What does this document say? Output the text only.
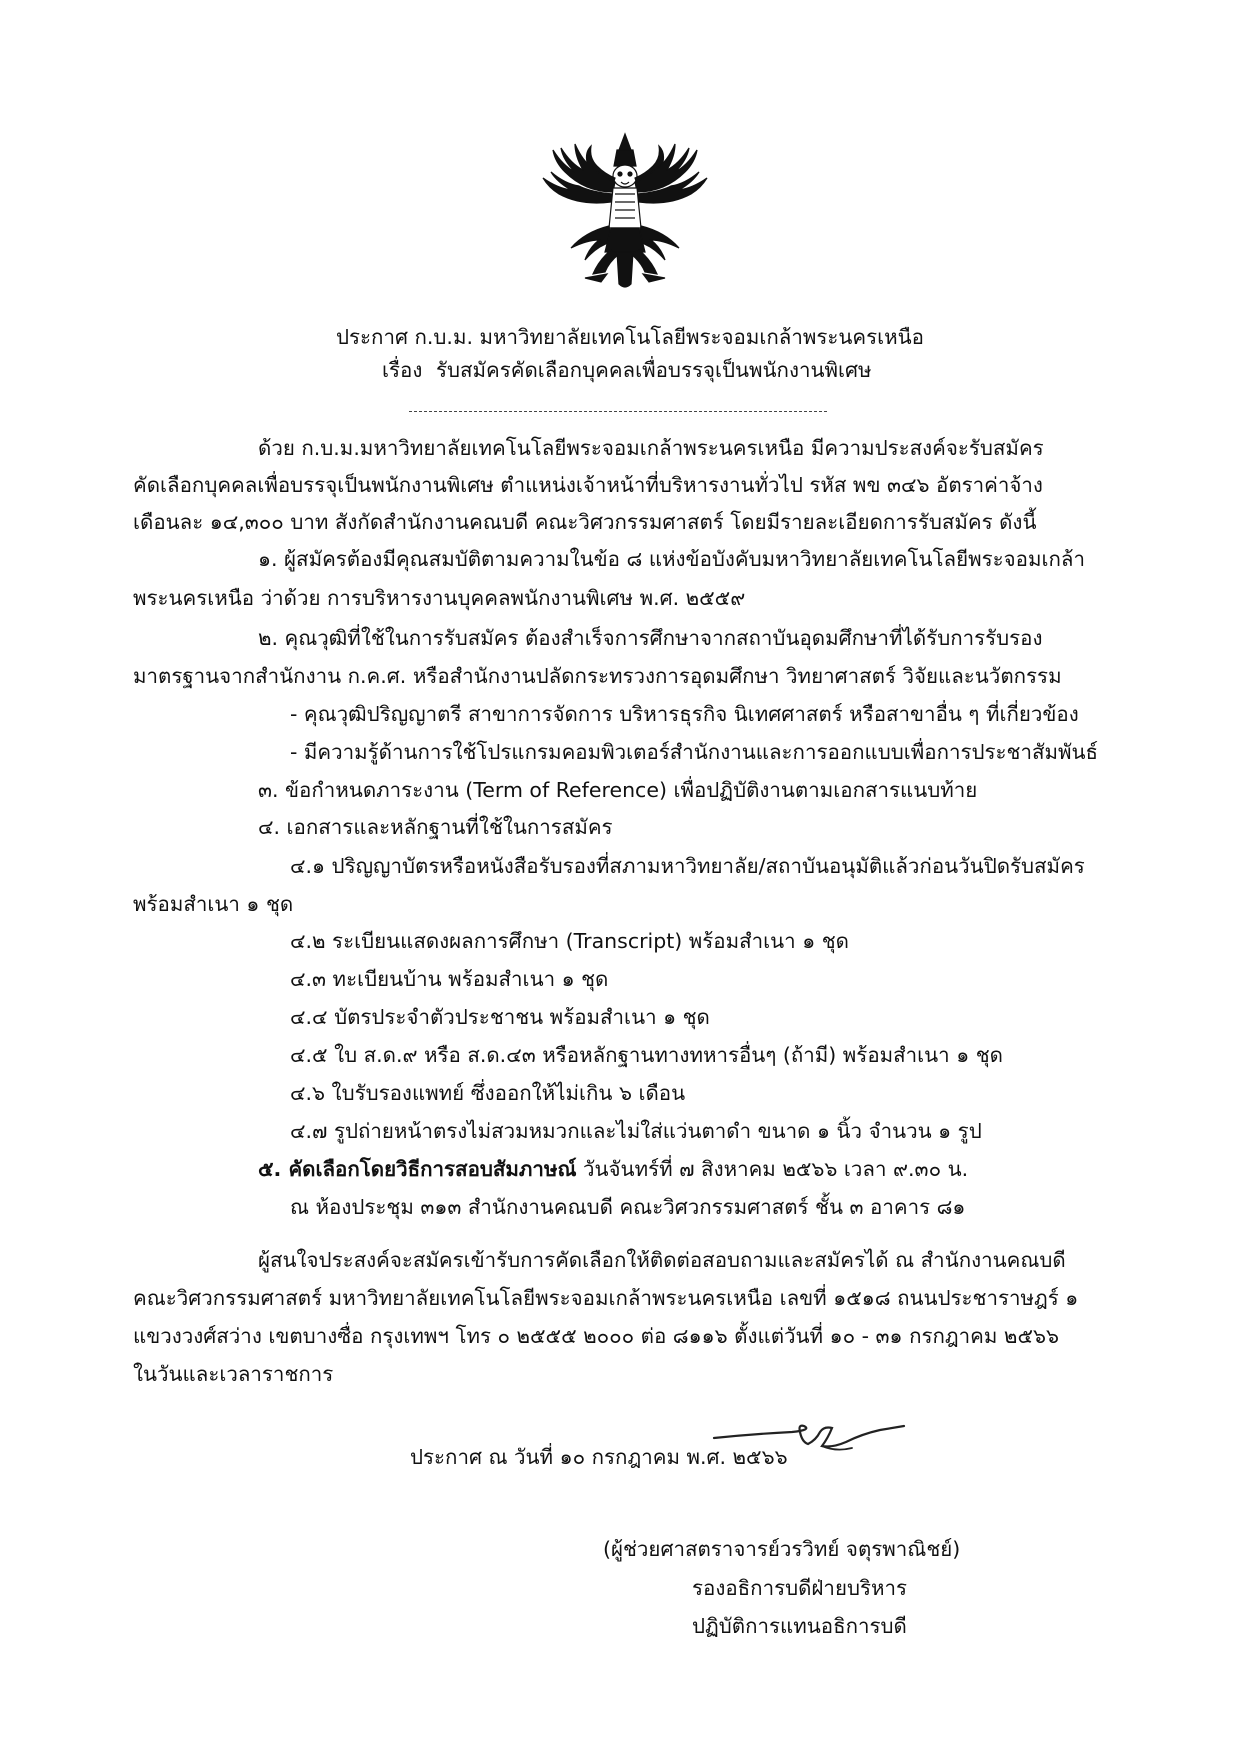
ประกาศ ก.บ.ม. มหาวิทยาลัยเทคโนโลยีพระจอมเกล้าพระนครเหนือ
เรื่อง รับสมัครคัดเลือกบุคคลเพื่อบรรจุเป็นพนักงานพิเศษ
ด้วย ก.บ.ม.มหาวิทยาลัยเทคโนโลยีพระจอมเกล้าพระนครเหนือ มีความประสงค์จะรับสมัคร
คัดเลือกบุคคลเพื่อบรรจุเป็นพนักงานพิเศษ ตำแหน่งเจ้าหน้าที่บริหารงานทั่วไป รหัส พข ๓๔๖ อัตราค่าจ้าง
เดือนละ ๑๔,๓๐๐ บาท สังกัดสำนักงานคณบดี คณะวิศวกรรมศาสตร์ โดยมีรายละเอียดการรับสมัคร ดังนี้
๑. ผู้สมัครต้องมีคุณสมบัติตามความในข้อ ๘ แห่งข้อบังคับมหาวิทยาลัยเทคโนโลยีพระจอมเกล้า
พระนครเหนือ ว่าด้วย การบริหารงานบุคคลพนักงานพิเศษ พ.ศ. ๒๕๕๙
๒. คุณวุฒิที่ใช้ในการรับสมัคร ต้องสำเร็จการศึกษาจากสถาบันอุดมศึกษาที่ได้รับการรับรอง
มาตรฐานจากสำนักงาน ก.ค.ศ. หรือสำนักงานปลัดกระทรวงการอุดมศึกษา วิทยาศาสตร์ วิจัยและนวัตกรรม
- คุณวุฒิปริญญาตรี สาขาการจัดการ บริหารธุรกิจ นิเทศศาสตร์ หรือสาขาอื่น ๆ ที่เกี่ยวข้อง
- มีความรู้ด้านการใช้โปรแกรมคอมพิวเตอร์สำนักงานและการออกแบบเพื่อการประชาสัมพันธ์
๓. ข้อกำหนดภาระงาน (Term of Reference) เพื่อปฏิบัติงานตามเอกสารแนบท้าย
๔. เอกสารและหลักฐานที่ใช้ในการสมัคร
๔.๑ ปริญญาบัตรหรือหนังสือรับรองที่สภามหาวิทยาลัย/สถาบันอนุมัติแล้วก่อนวันปิดรับสมัคร
พร้อมสำเนา ๑ ชุด
๔.๒ ระเบียนแสดงผลการศึกษา (Transcript) พร้อมสำเนา ๑ ชุด
๔.๓ ทะเบียนบ้าน พร้อมสำเนา ๑ ชุด
๔.๔ บัตรประจำตัวประชาชน พร้อมสำเนา ๑ ชุด
๔.๕ ใบ ส.ด.๙ หรือ ส.ด.๔๓ หรือหลักฐานทางทหารอื่นๆ (ถ้ามี) พร้อมสำเนา ๑ ชุด
๔.๖ ใบรับรองแพทย์ ซึ่งออกให้ไม่เกิน ๖ เดือน
๔.๗ รูปถ่ายหน้าตรงไม่สวมหมวกและไม่ใส่แว่นตาดำ ขนาด ๑ นิ้ว จำนวน ๑ รูป
๕. คัดเลือกโดยวิธีการสอบสัมภาษณ์ วันจันทร์ที่ ๗ สิงหาคม ๒๕๖๖ เวลา ๙.๓๐ น.
ณ ห้องประชุม ๓๑๓ สำนักงานคณบดี คณะวิศวกรรมศาสตร์ ชั้น ๓ อาคาร ๘๑
ผู้สนใจประสงค์จะสมัครเข้ารับการคัดเลือกให้ติดต่อสอบถามและสมัครได้ ณ สำนักงานคณบดี
คณะวิศวกรรมศาสตร์ มหาวิทยาลัยเทคโนโลยีพระจอมเกล้าพระนครเหนือ เลขที่ ๑๕๑๘ ถนนประชาราษฎร์ ๑
แขวงวงศ์สว่าง เขตบางซื่อ กรุงเทพฯ โทร ๐ ๒๕๕๕ ๒๐๐๐ ต่อ ๘๑๑๖ ตั้งแต่วันที่ ๑๐ - ๓๑ กรกฎาคม ๒๕๖๖
ในวันและเวลาราชการ
ประกาศ ณ วันที่ ๑๐ กรกฎาคม พ.ศ. ๒๕๖๖
(ผู้ช่วยศาสตราจารย์วรวิทย์ จตุรพาณิชย์)
รองอธิการบดีฝ่ายบริหาร
ปฏิบัติการแทนอธิการบดี
